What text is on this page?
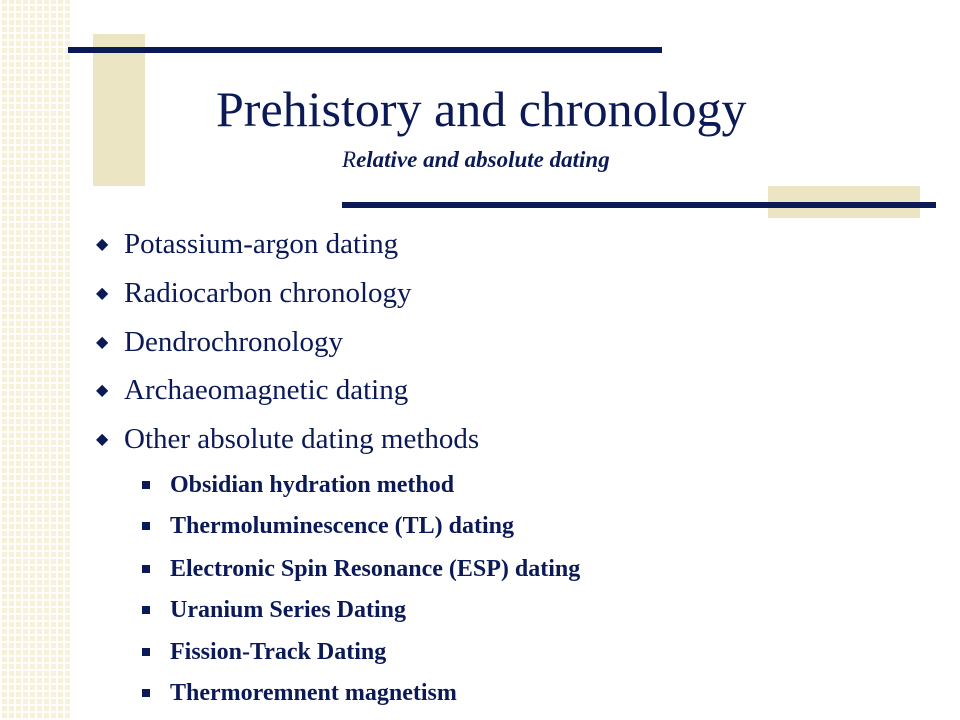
Prehistory and chronology

Relative and absolute dating

◆ Potassium-argon dating
◆ Radiocarbon chronology
◆ Dendrochronology
◆ Archaeomagnetic dating
◆ Other absolute dating methods
Obsidian hydration method
Thermoluminescence (TL) dating
Electronic Spin Resonance (ESP) dating
Uranium Series Dating
Fission-Track Dating
Thermoremnent magnetism
